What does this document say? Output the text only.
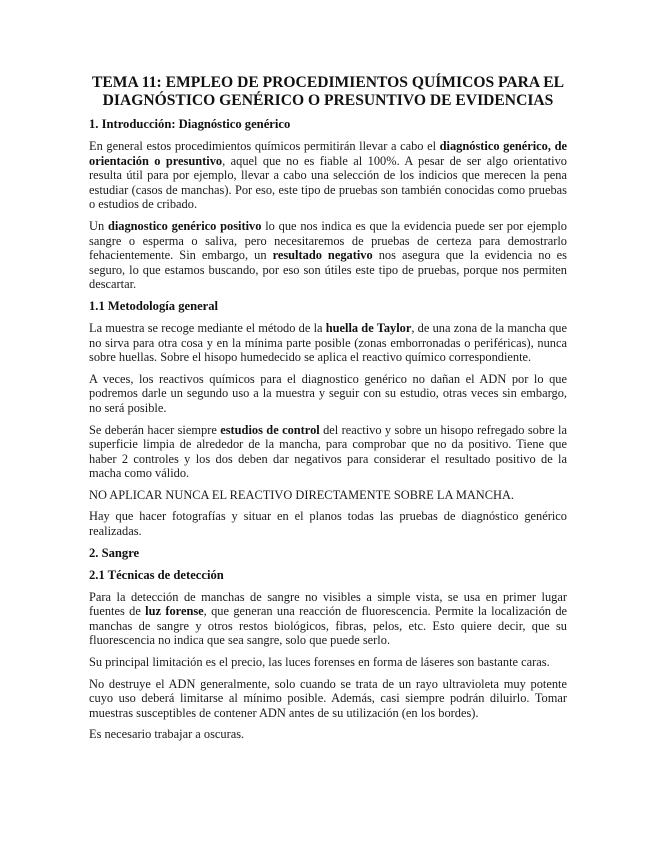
TEMA 11: EMPLEO DE PROCEDIMIENTOS QUÍMICOS PARA EL
DIAGNÓSTICO GENÉRICO O PRESUNTIVO DE EVIDENCIAS
1. Introducción: Diagnóstico genérico

En general estos procedimientos químicos permitirán llevar a cabo el diagnóstico genérico, de orientación o presuntivo, aquel que no es fiable al 100%. A pesar de ser algo orientativo resulta útil para por ejemplo, llevar a cabo una selección de los indicios que merecen la pena estudiar (casos de manchas). Por eso, este tipo de pruebas son también conocidas como pruebas o estudios de cribado.

Un diagnostico genérico positivo lo que nos indica es que la evidencia puede ser por ejemplo sangre o esperma o saliva, pero necesitaremos de pruebas de certeza para demostrarlo fehacientemente. Sin embargo, un resultado negativo nos asegura que la evidencia no es seguro, lo que estamos buscando, por eso son útiles este tipo de pruebas, porque nos permiten descartar.

1.1 Metodología general

La muestra se recoge mediante el método de la huella de Taylor, de una zona de la mancha que no sirva para otra cosa y en la mínima parte posible (zonas emborronadas o periféricas), nunca sobre huellas. Sobre el hisopo humedecido se aplica el reactivo químico correspondiente.

A veces, los reactivos químicos para el diagnostico genérico no dañan el ADN por lo que podremos darle un segundo uso a la muestra y seguir con su estudio, otras veces sin embargo, no será posible.

Se deberán hacer siempre estudios de control del reactivo y sobre un hisopo refregado sobre la superficie limpia de alrededor de la mancha, para comprobar que no da positivo. Tiene que haber 2 controles y los dos deben dar negativos para considerar el resultado positivo de la macha como válido.

NO APLICAR NUNCA EL REACTIVO DIRECTAMENTE SOBRE LA MANCHA.

Hay que hacer fotografías y situar en el planos todas las pruebas de diagnóstico genérico realizadas.

2. Sangre
2.1 Técnicas de detección

Para la detección de manchas de sangre no visibles a simple vista, se usa en primer lugar fuentes de luz forense, que generan una reacción de fluorescencia. Permite la localización de manchas de sangre y otros restos biológicos, fibras, pelos, etc. Esto quiere decir, que su fluorescencia no indica que sea sangre, solo que puede serlo.

Su principal limitación es el precio, las luces forenses en forma de láseres son bastante caras.

No destruye el ADN generalmente, solo cuando se trata de un rayo ultravioleta muy potente cuyo uso deberá limitarse al mínimo posible. Además, casi siempre podrán diluirlo. Tomar muestras susceptibles de contener ADN antes de su utilización (en los bordes).

Es necesario trabajar a oscuras.
